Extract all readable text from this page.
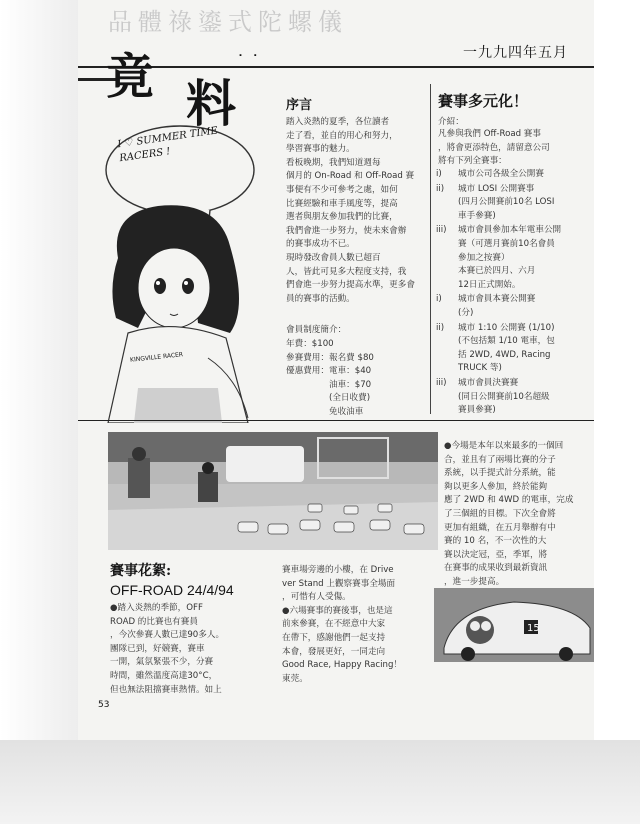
品體祿鎏式陀螺儀
一九九四年五月
竟 料
˙ ˙
I ♡ SUMMER TIME RACERS !
KINGVILLE RACER
序言
踏入炎熱的夏季，各位讀者
走了看，並自的用心和努力，
學習賽事的魅力。
看板晚期，我們知道週每
個月的 On-Road 和 Off-Road 賽
事便有不少可參考之處，如何
比賽經驗和車手風度等，提高
選者與朋友參加我們的比賽，
我們會進一步努力，使未來會辦
的賽事成功不已。
現時發改會員人數已超百
人，皆此可見多大程度支持，我
們會進一步努力提高水準，更多會
員的賽事的活動。
會員制度簡介：
年費：$100
參賽費用：報名費 $80
優惠費用：電車：$40
　　　　　油車：$70
　　　　　(全日收費)
　　　　　免收油車
賽事多元化！
介紹：
凡參與我們 Off-Road 賽事
，將會更添特色，請留意公司
將有下列全賽事：
i)	城市公司各級全公開賽
ii)	城市 LOSI 公開賽事
(四月公開賽前10名 LOSI
車手參賽)
iii)	城市會員參加本年電車公開
賽（可選月賽前10名會員
參加之按賽）
本賽已於四月、六月
12日正式開始。
i)	城市會員本賽公開賽
(分)
ii)	城市 1:10 公開賽 (1/10)
(不包括類 1/10 電車，包
括 2WD, 4WD, Racing
TRUCK 等)
iii)	城市會員決賽賽
(同日公開賽前10名超級
賽員參賽)
賽事花絮:
OFF-ROAD 24/4/94
●踏入炎熱的季節，OFF
ROAD 的比賽也有賽員
，今次參賽人數已達90多人。
團隊已到，好競賽，賽車
一開，氣氛緊張不少，分賽
時間，雖然溫度高達30°C，
但也無法阻擋賽車熱情。如上
賽車場旁邊的小樓，在 Drive
ver Stand 上觀察賽事全場面
，可惜有人受傷。
●六場賽事的賽後事，也是這
前來參賽，在不經意中大家
在帶下，感謝他們一起支持
本會，發展更好，一同走向
Good Race, Happy Racing！
東莞。
●今場是本年以來最多的一個回
合，並且有了兩場比賽的分子
系統，以手提式計分系統，能
夠以更多人參加，終於能夠
應了 2WD 和 4WD 的電車，完成
了三個組的目標。下次全會將
更加有組織，在五月舉辦有中
賽的 10 名，不一次性的大
賽以決定冠，亞，季軍，將
在賽事的成果收到最新資訊
，進一步提高。
15
53
